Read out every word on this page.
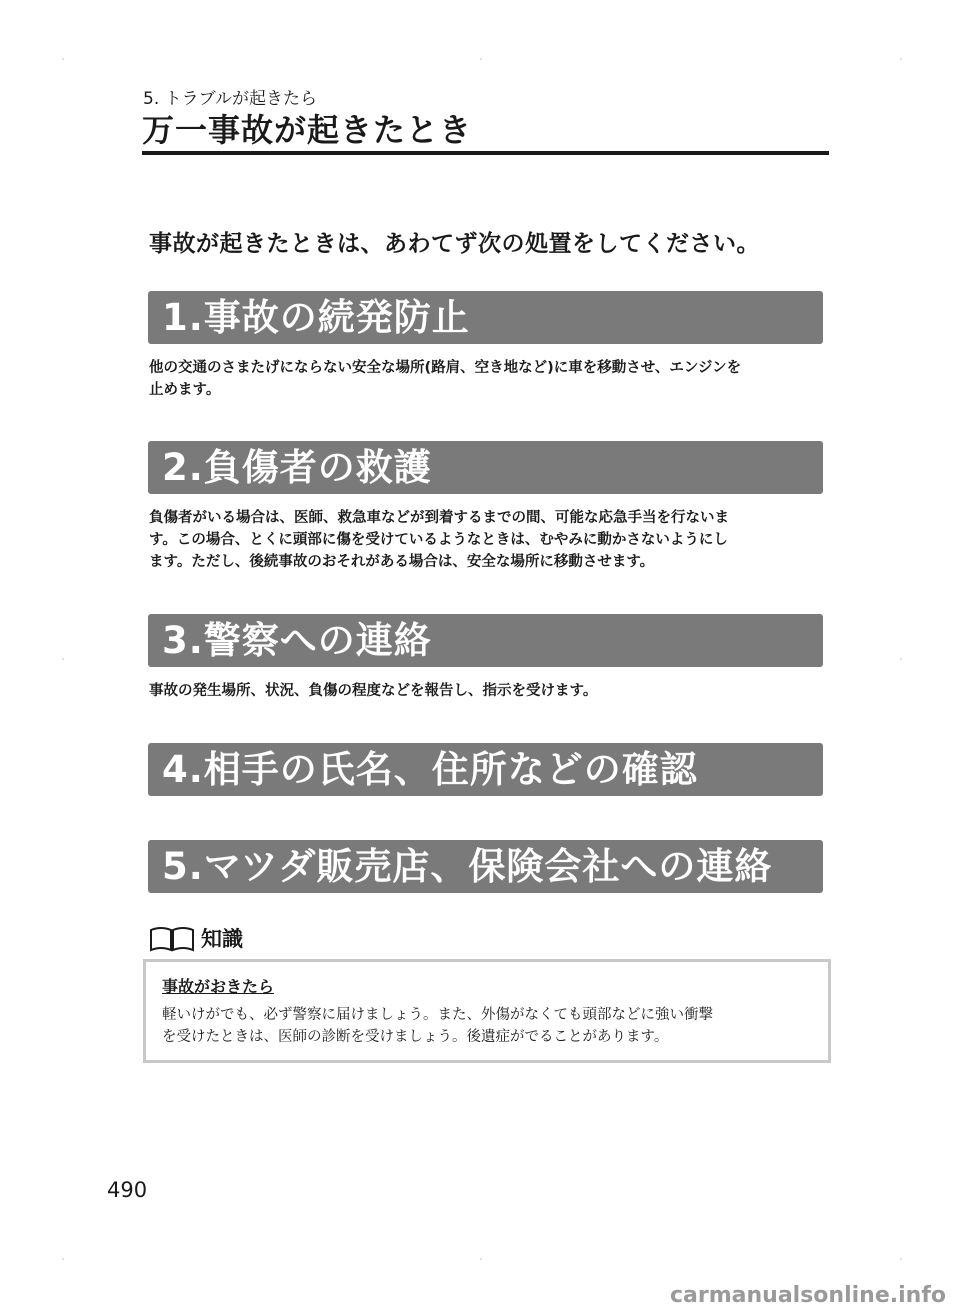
5. トラブルが起きたら
万一事故が起きたとき
事故が起きたときは、あわてず次の処置をしてください。
1.事故の続発防止

他の交通のさまたげにならない安全な場所(路肩、空き地など)に車を移動させ、エンジンを

止めます。

2.負傷者の救護

負傷者がいる場合は、医師、救急車などが到着するまでの間、可能な応急手当を行ないま

す。この場合、とくに頭部に傷を受けているようなときは、むやみに動かさないようにし

ます。ただし、後続事故のおそれがある場合は、安全な場所に移動させます。

3.警察への連絡

事故の発生場所、状況、負傷の程度などを報告し、指示を受けます。

4.相手の氏名、住所などの確認
5.マツダ販売店、保険会社への連絡
知識
事故がおきたら

軽いけがでも、必ず警察に届けましょう。また、外傷がなくても頭部などに強い衝撃

を受けたときは、医師の診断を受けましょう。後遺症がでることがあります。

490
carmanualsonline.info
